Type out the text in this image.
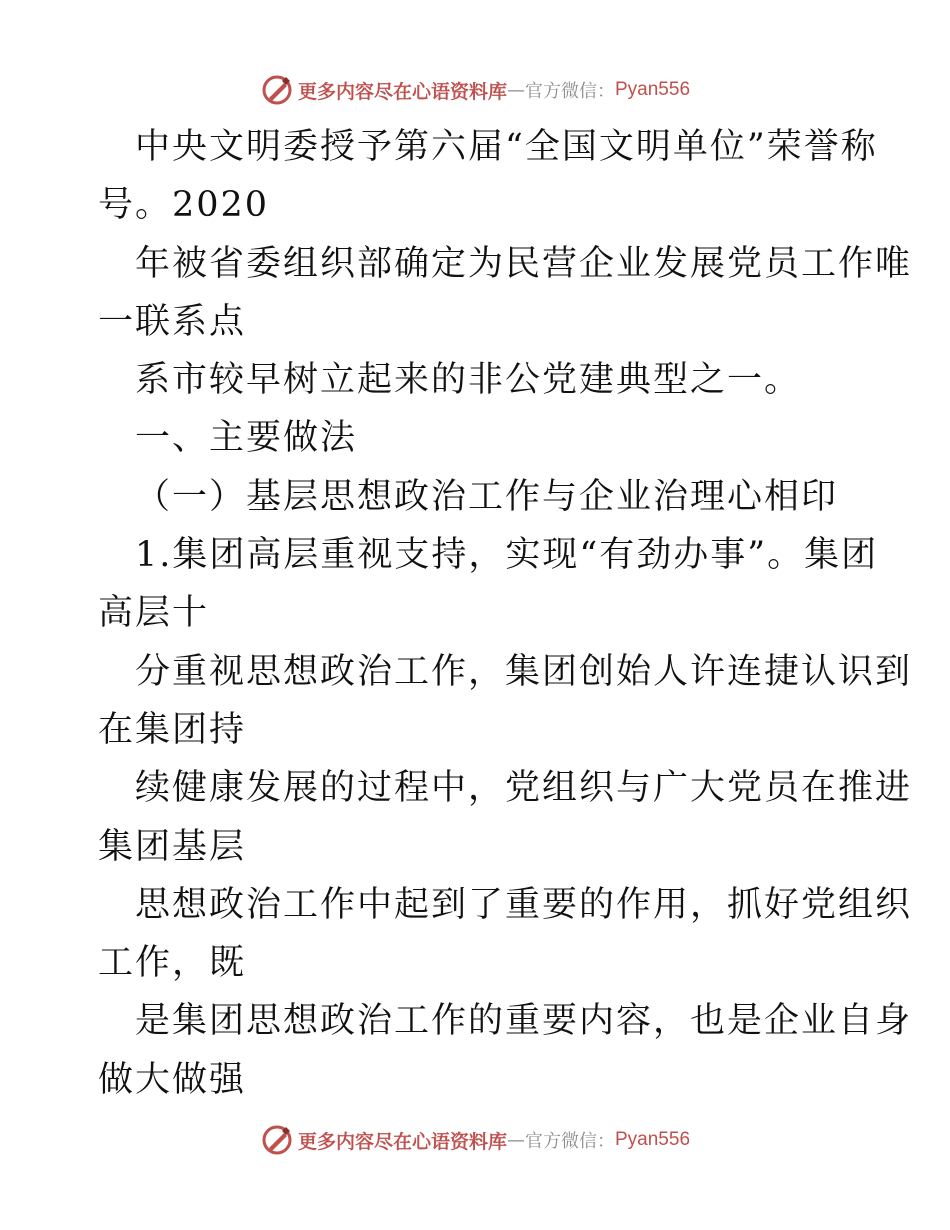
更多内容尽在心语资料库 — 官方微信： Pyan556
中央文明委授予第六届“全国文明单位”荣誉称
号。2020
年被省委组织部确定为民营企业发展党员工作唯
一联系点
系市较早树立起来的非公党建典型之一。
一、主要做法
（一）基层思想政治工作与企业治理心相印
1.集团高层重视支持，实现“有劲办事”。集团
高层十
分重视思想政治工作，集团创始人许连捷认识到
在集团持
续健康发展的过程中，党组织与广大党员在推进
集团基层
思想政治工作中起到了重要的作用，抓好党组织
工作，既
是集团思想政治工作的重要内容，也是企业自身
做大做强
更多内容尽在心语资料库 — 官方微信： Pyan556
